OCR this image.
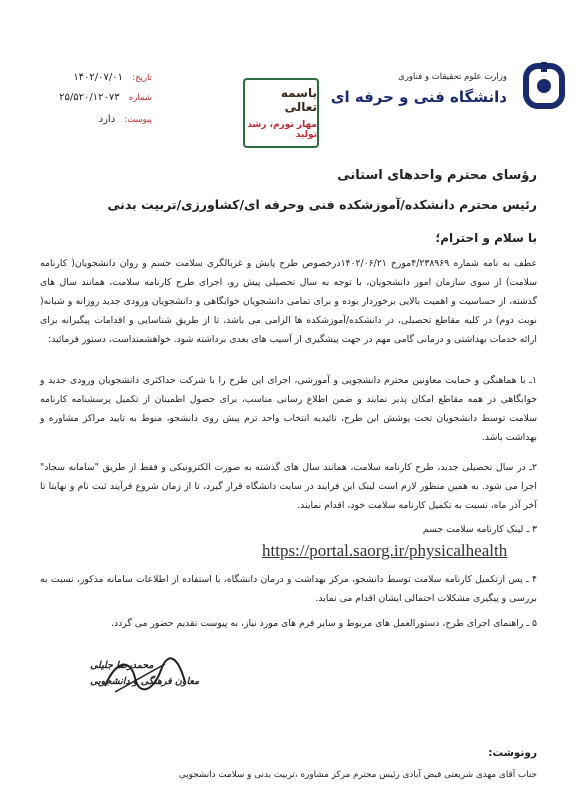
وزارت علوم تحقیقات و فناوری
دانشگاه فنی و حرفه ای
باسمه تعالی
مهار تورم، رشد تولید
تاریخ: ۱۴۰۲/۰۷/۰۱
شماره ۲۵/۵۲۰/۱۲۰۷۳
پیوست: دارد
رؤسای محترم واحدهای استانی
رئیس محترم دانشکده/آموزشکده فنی وحرفه ای/کشاورزی/تربیت بدنی
با سلام و احترام؛
عطف به نامه شماره ۴/۲۳۸۹۶۹مورخ ۱۴۰۲/۰۶/۲۱درخصوص طرح پایش و غربالگری سلامت جسم و روان دانشجویان( کارنامه سلامت) از سوی سازمان امور دانشجویان، با توجه به سال تحصیلی پیش رو، اجرای طرح کارنامه سلامت، همانند سال های گذشته، از حساسیت و اهمیت بالایی برخوردار بوده و برای تمامی دانشجویان خوابگاهی و دانشجویان ورودی جدید روزانه و شبانه( نوبت دوم) در کلیه مقاطع تحصیلی، در دانشکده/آموزشکده ها الزامی می باشد، تا از طریق شناسایی و اقدامات پیگیرانه برای ارائه خدمات بهداشتی و درمانی گامی مهم در جهت پیشگیری از آسیب های بعدی برداشته شود. خواهشمنداست، دستور فرمائید:
۱ـ با هماهنگی و حمایت معاونین محترم دانشجویی و آموزشی، اجرای این طرح را با شرکت حداکثری دانشجویان ورودی جدید و خوابگاهی در همه مقاطع امکان پذیر نمایند و ضمن اطلاع رسانی مناسب، برای حصول اطمینان از تکمیل پرسشنامه کارنامه سلامت توسط دانشجویان تحت پوشش این طرح، تائیدیه انتخاب واحد ترم پیش روی دانشجو، منوط به تایید مراکز مشاوره و بهداشت باشد.
۲ـ در سال تحصیلی جدید، طرح کارنامه سلامت، همانند سال های گذشته به صورت الکترونیکی و فقط از طریق "سامانه سجاد" اجرا می شود. به همین منظور لازم است لینک این فرایند در سایت دانشگاه قرار گیرد، تا از زمان شروع فرآیند ثبت نام و نهایتا تا آخر آذر ماه، نسبت به تکمیل کارنامه سلامت خود، اقدام نمایند.
۳ ـ لینک کارنامه سلامت جسم
https://portal.saorg.ir/physicalhealth
۴ ـ پس ازتکمیل کارنامه سلامت توسط دانشجو، مرکز بهداشت و درمان دانشگاه، با استفاده از اطلاعات سامانه مذکور، نسبت به بررسی و پیگیری مشکلات احتمالی ایشان اقدام می نماید.
۵ ـ راهنمای اجرای طرح، دستورالعمل های مربوط و سایر فرم های مورد نیاز، به پیوست تقدیم حضور می گردد.
محمدرضا جلیلی
معاون فرهنگی و دانشجویی
رونوشت:
جناب آقای مهدی شریعتی فیض آبادی رئیس محترم مرکز مشاوره ،تربیت بدنی و سلامت دانشجویی
